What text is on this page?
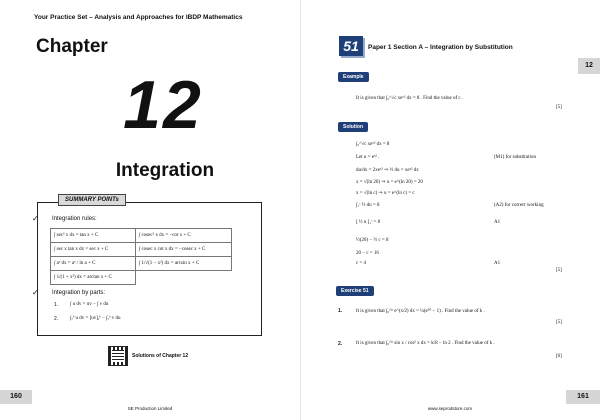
Your Practice Set – Analysis and Approaches for IBDP Mathematics
Chapter
12
Integration
SUMMARY POINTs
✓ Integration rules:
∫ sec² x dx = tan x + C	∫ cosec² x dx = −cot x + C
∫ sec x tan x dx = sec x + C	∫ cosec x cot x dx = −cosec x + C
∫ aˣ dx = aˣ / ln a + C	∫ 1/√(1 − x²) dx = arcsin x + C
∫ 1/(1 + x²) dx = arctan x + C	
✓ Integration by parts:
1. ∫ u dv = uv − ∫ v du
2. ∫ₐᵇ u dv = [uv]ₐᵇ − ∫ₐᵇ v du
Solutions of Chapter 12
160
SE Production Limited
51	Paper 1 Section A – Integration by Substitution
12
Example
It is given that ∫₀^√c xeˣ² dx = 8 . Find the value of c .
[5]
Solution
∫₀^√c xeˣ² dx = 8
Let u = eˣ² .	(M1) for substitution
du/dx = 2xeˣ² ⇒ ½ du = xeˣ² dx
x = √(ln 20) ⇒ u = e^(ln 20) = 20
x = √(ln c) ⇒ u = e^(ln c) = c
∫₁ᶜ ½ du = 8	(A2) for correct working
[ ½ u ]₁ᶜ = 8	A1
½(20) − ½ c = 8
20 − c = 16
c = 4	A1
[5]
Exercise 51
1.	It is given that ∫₀^ᵏ e^(x/2) dx = ¼(e²⁰ − 1) . Find the value of k .
[5]
2.	It is given that ∫₀^ᵏ sin x / cos² x dx = k/8 − ln 2 . Find the value of k .
[6]
161
www.seprodstore.com
